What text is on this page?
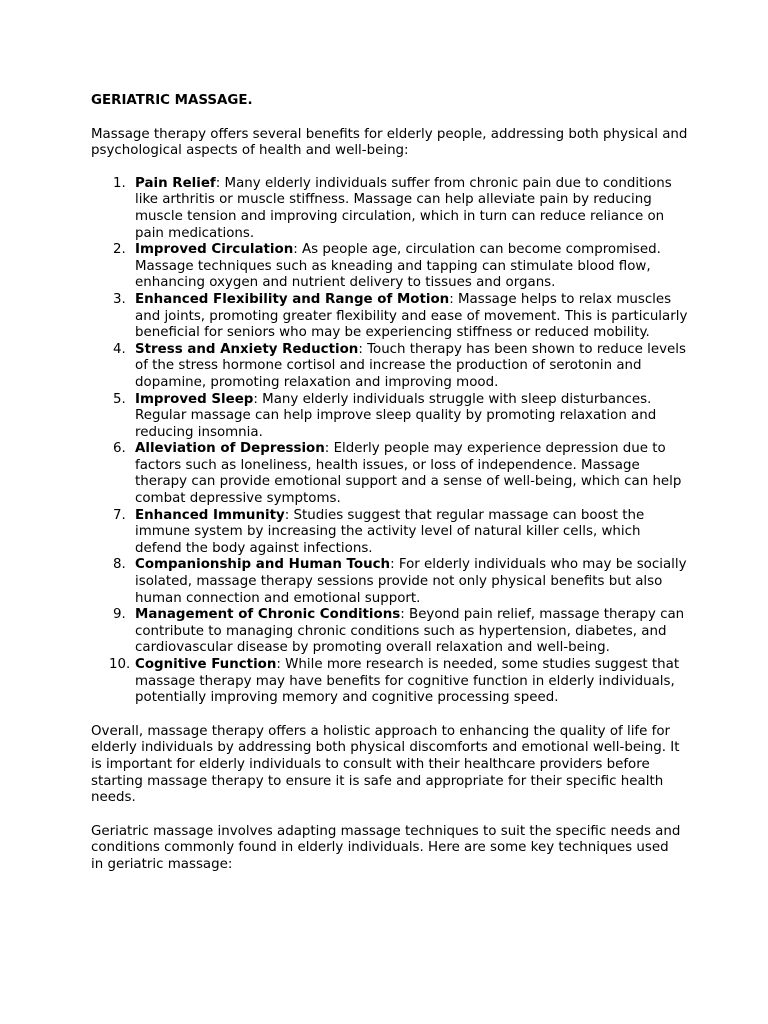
GERIATRIC MASSAGE.

Massage therapy offers several benefits for elderly people, addressing both physical and psychological aspects of health and well-being:

1. Pain Relief: Many elderly individuals suffer from chronic pain due to conditions like arthritis or muscle stiffness. Massage can help alleviate pain by reducing muscle tension and improving circulation, which in turn can reduce reliance on pain medications.
2. Improved Circulation: As people age, circulation can become compromised. Massage techniques such as kneading and tapping can stimulate blood flow, enhancing oxygen and nutrient delivery to tissues and organs.
3. Enhanced Flexibility and Range of Motion: Massage helps to relax muscles and joints, promoting greater flexibility and ease of movement. This is particularly beneficial for seniors who may be experiencing stiffness or reduced mobility.
4. Stress and Anxiety Reduction: Touch therapy has been shown to reduce levels of the stress hormone cortisol and increase the production of serotonin and dopamine, promoting relaxation and improving mood.
5. Improved Sleep: Many elderly individuals struggle with sleep disturbances. Regular massage can help improve sleep quality by promoting relaxation and reducing insomnia.
6. Alleviation of Depression: Elderly people may experience depression due to factors such as loneliness, health issues, or loss of independence. Massage therapy can provide emotional support and a sense of well-being, which can help combat depressive symptoms.
7. Enhanced Immunity: Studies suggest that regular massage can boost the immune system by increasing the activity level of natural killer cells, which defend the body against infections.
8. Companionship and Human Touch: For elderly individuals who may be socially isolated, massage therapy sessions provide not only physical benefits but also human connection and emotional support.
9. Management of Chronic Conditions: Beyond pain relief, massage therapy can contribute to managing chronic conditions such as hypertension, diabetes, and cardiovascular disease by promoting overall relaxation and well-being.
10. Cognitive Function: While more research is needed, some studies suggest that massage therapy may have benefits for cognitive function in elderly individuals, potentially improving memory and cognitive processing speed.

Overall, massage therapy offers a holistic approach to enhancing the quality of life for elderly individuals by addressing both physical discomforts and emotional well-being. It is important for elderly individuals to consult with their healthcare providers before starting massage therapy to ensure it is safe and appropriate for their specific health needs.

Geriatric massage involves adapting massage techniques to suit the specific needs and conditions commonly found in elderly individuals. Here are some key techniques used in geriatric massage:
